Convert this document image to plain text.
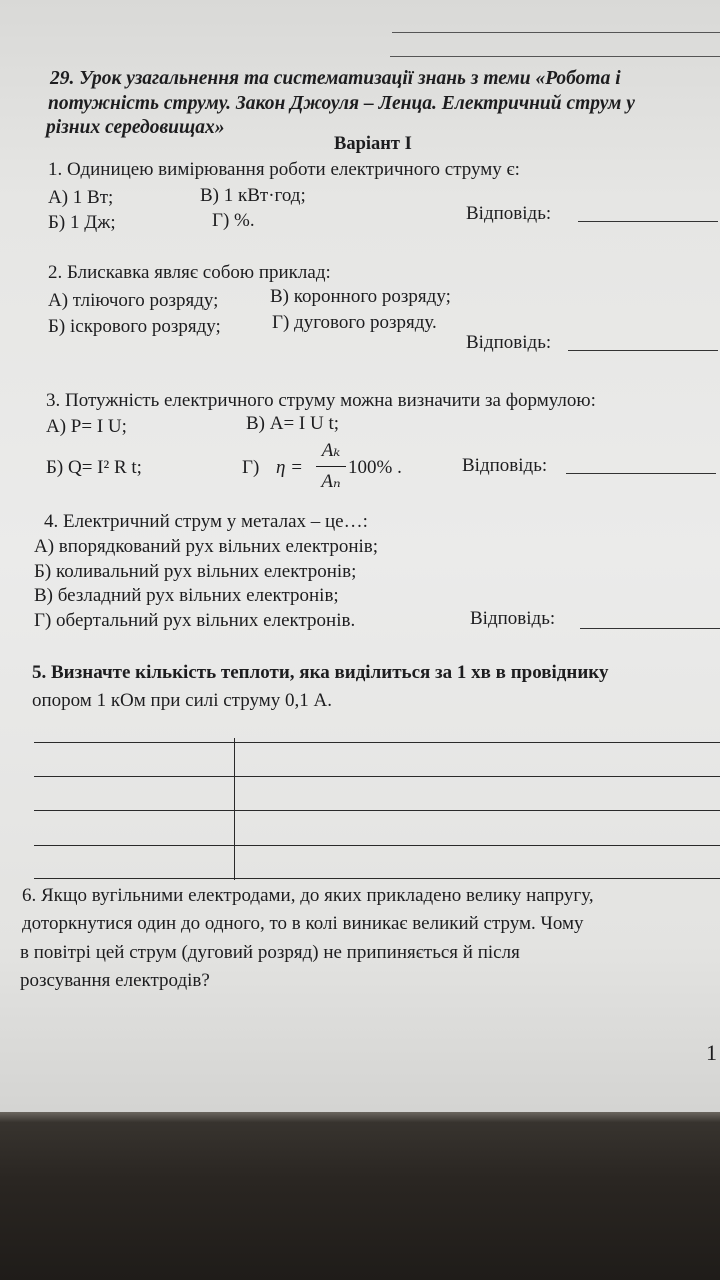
29. Урок узагальнення та систематизації знань з теми «Робота і
потужність струму. Закон Джоуля – Ленца. Електричний струм у
різних середовищах»
Варіант І
1. Одиницею вимірювання роботи електричного струму є:
А) 1 Вт;	В) 1 кВт·год;
Б) 1 Дж;	Г) %.	Відповідь:
2. Блискавка являє собою приклад:
А) тліючого розряду;	В) коронного розряду;
Б) іскрового розряду;	Г) дугового розряду.
Відповідь:
3. Потужність електричного струму можна визначити за формулою:
А) P= I U;	В) A= I U t;
Б) Q= I² R t;	Г) η =
Aₖ
Aₙ
100% .	Відповідь:
4. Електричний струм у металах – це…:
А) впорядкований рух вільних електронів;
Б) коливальний рух вільних електронів;
В) безладний рух вільних електронів;
Г) обертальний рух вільних електронів.	Відповідь:
5. Визначте кількість теплоти, яка виділиться за 1 хв в провіднику
опором 1 кОм при силі струму 0,1 А.
6. Якщо вугільними електродами, до яких прикладено велику напругу,
доторкнутися один до одного, то в колі виникає великий струм. Чому
в повітрі цей струм (дуговий розряд) не припиняється й після
розсування електродів?
1
